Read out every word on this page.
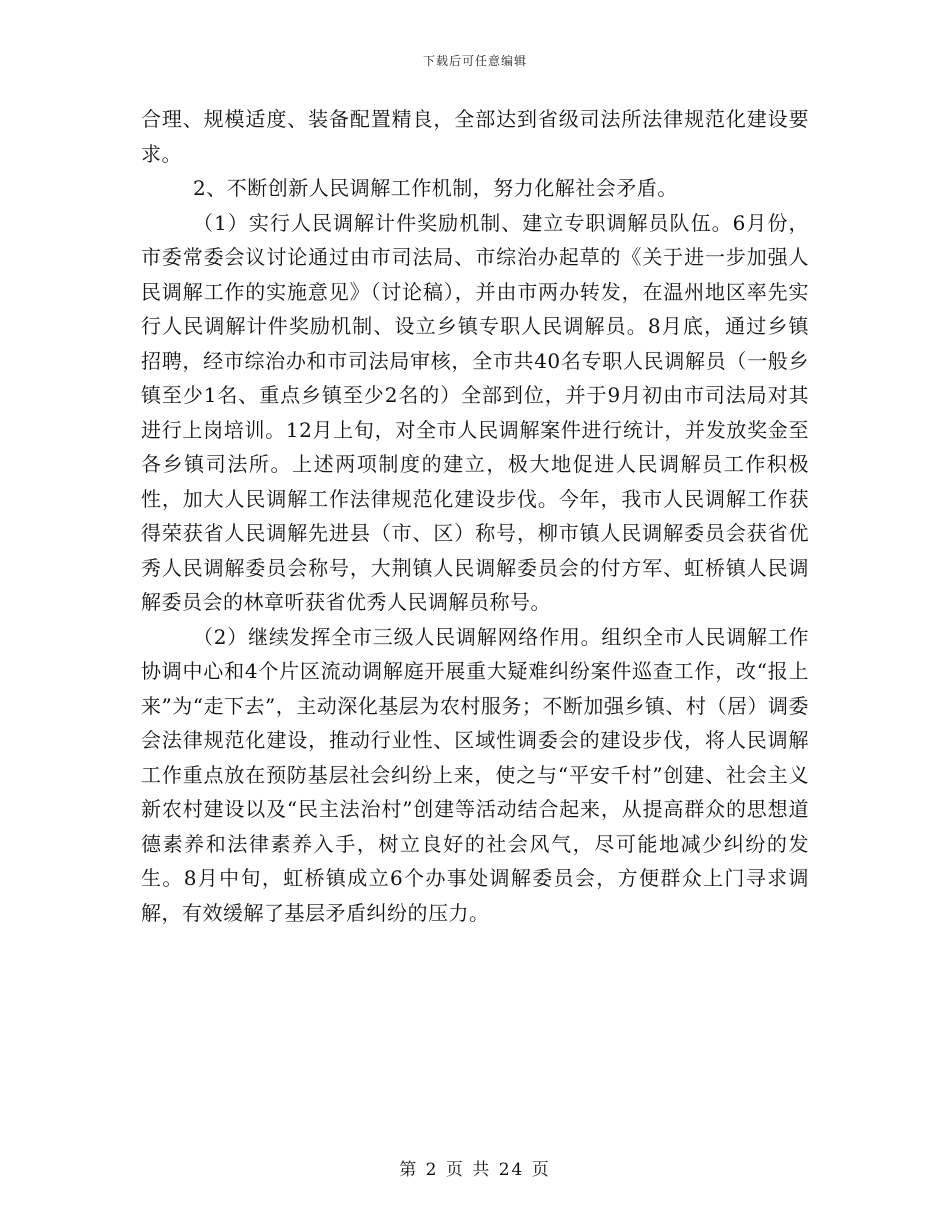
下载后可任意编辑

合理、规模适度、装备配置精良，全部达到省级司法所法律规范化建设要求。

2、不断创新人民调解工作机制，努力化解社会矛盾。

（1）实行人民调解计件奖励机制、建立专职调解员队伍。6月份，市委常委会议讨论通过由市司法局、市综治办起草的《关于进一步加强人民调解工作的实施意见》（讨论稿），并由市两办转发，在温州地区率先实行人民调解计件奖励机制、设立乡镇专职人民调解员。8月底，通过乡镇招聘，经市综治办和市司法局审核，全市共40名专职人民调解员（一般乡镇至少1名、重点乡镇至少2名的）全部到位，并于9月初由市司法局对其进行上岗培训。12月上旬，对全市人民调解案件进行统计，并发放奖金至各乡镇司法所。上述两项制度的建立，极大地促进人民调解员工作积极性，加大人民调解工作法律规范化建设步伐。今年，我市人民调解工作获得荣获省人民调解先进县（市、区）称号，柳市镇人民调解委员会获省优秀人民调解委员会称号，大荆镇人民调解委员会的付方军、虹桥镇人民调解委员会的林章听获省优秀人民调解员称号。

（2）继续发挥全市三级人民调解网络作用。组织全市人民调解工作协调中心和4个片区流动调解庭开展重大疑难纠纷案件巡查工作，改“报上来”为“走下去”，主动深化基层为农村服务；不断加强乡镇、村（居）调委会法律规范化建设，推动行业性、区域性调委会的建设步伐，将人民调解工作重点放在预防基层社会纠纷上来，使之与“平安千村”创建、社会主义新农村建设以及“民主法治村”创建等活动结合起来，从提高群众的思想道德素养和法律素养入手，树立良好的社会风气，尽可能地减少纠纷的发生。8月中旬，虹桥镇成立6个办事处调解委员会，方便群众上门寻求调解，有效缓解了基层矛盾纠纷的压力。

第 2 页 共 24 页
